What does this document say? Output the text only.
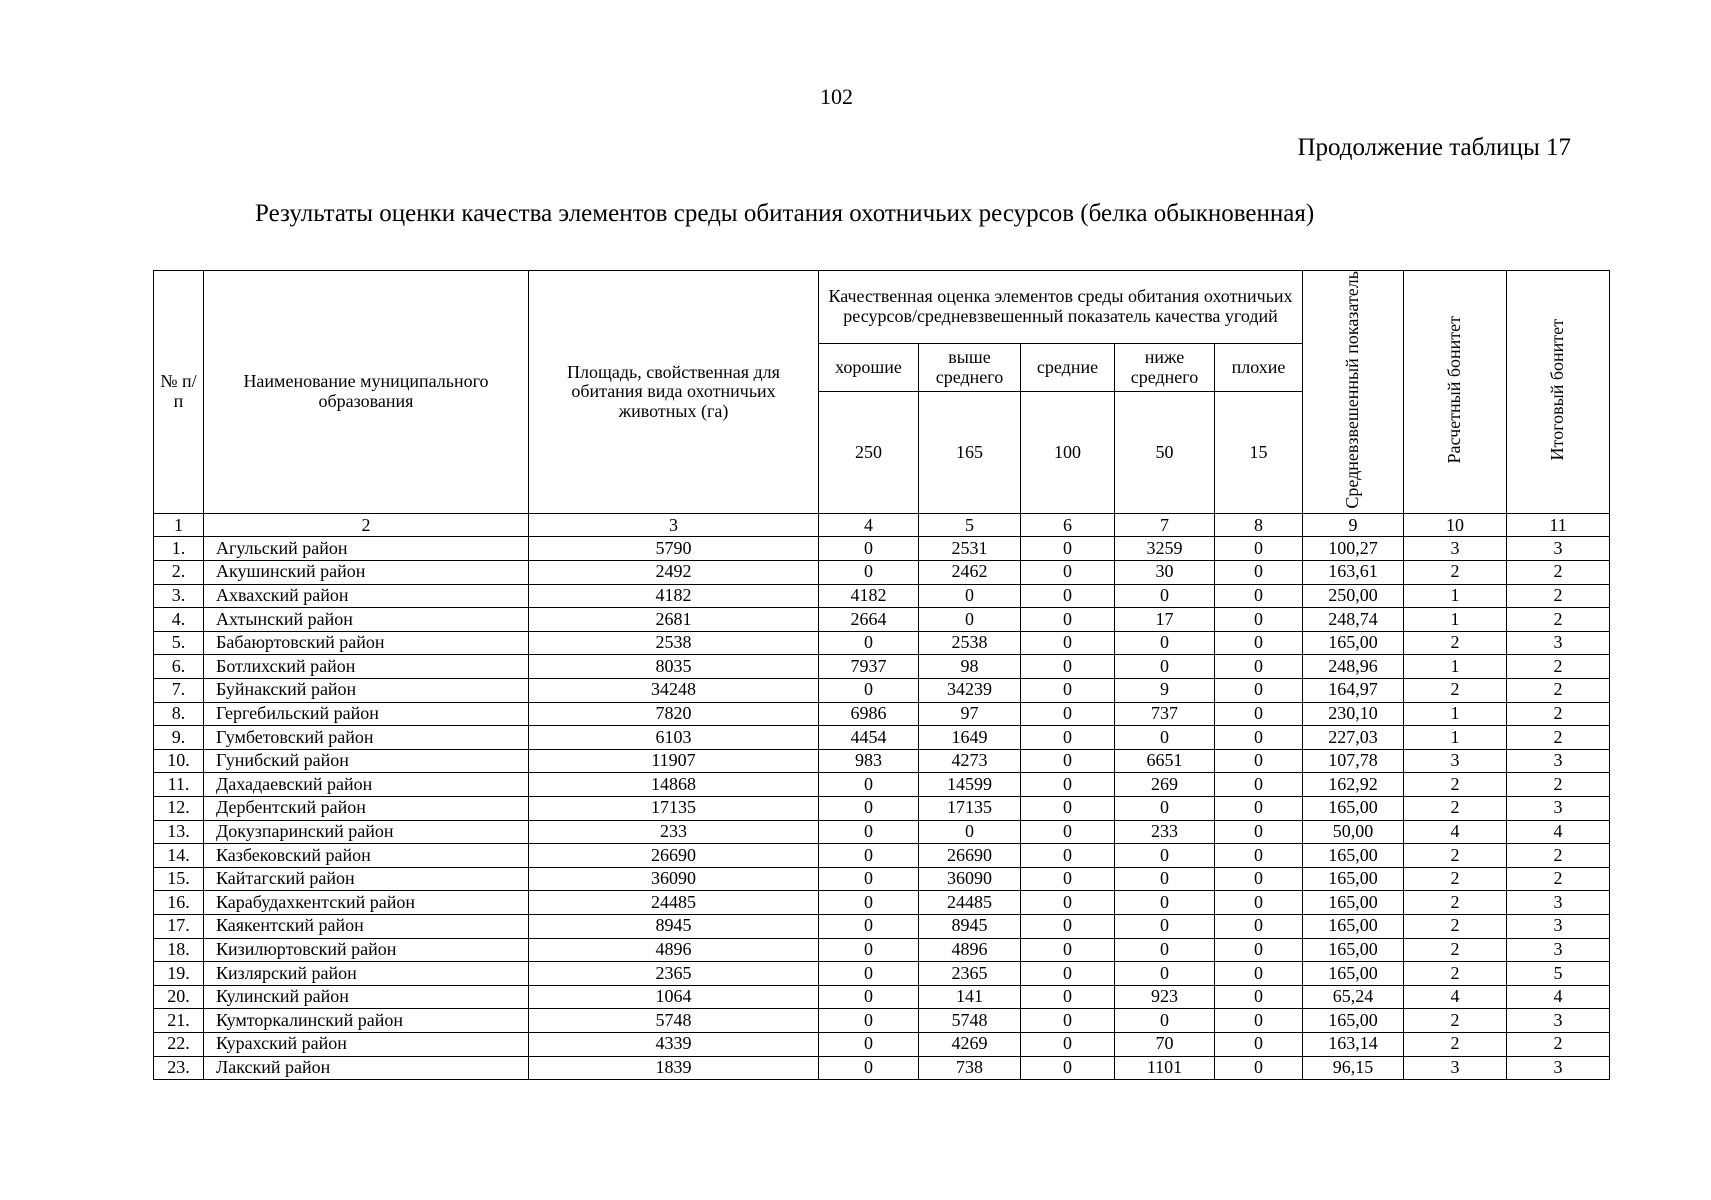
102
Продолжение таблицы 17
Результаты оценки качества элементов среды обитания охотничьих ресурсов (белка обыкновенная)
№ п/п	Наименование муниципального образования	Площадь, свойственная для обитания вида охотничьих животных (га)	Качественная оценка элементов среды обитания охотничьих ресурсов/средневзвешенный показатель качества угодий					Средневзвешенный показатель	Расчетный бонитет	Итоговый бонитет
			хорошие	выше среднего	средние	ниже среднего	плохие			
			250	165	100	50	15			
1	2	3	4	5	6	7	8	9	10	11
1.	Агульский район	5790	0	2531	0	3259	0	100,27	3	3
2.	Акушинский район	2492	0	2462	0	30	0	163,61	2	2
3.	Ахвахский район	4182	4182	0	0	0	0	250,00	1	2
4.	Ахтынский район	2681	2664	0	0	17	0	248,74	1	2
5.	Бабаюртовский район	2538	0	2538	0	0	0	165,00	2	3
6.	Ботлихский район	8035	7937	98	0	0	0	248,96	1	2
7.	Буйнакский район	34248	0	34239	0	9	0	164,97	2	2
8.	Гергебильский район	7820	6986	97	0	737	0	230,10	1	2
9.	Гумбетовский район	6103	4454	1649	0	0	0	227,03	1	2
10.	Гунибский район	11907	983	4273	0	6651	0	107,78	3	3
11.	Дахадаевский район	14868	0	14599	0	269	0	162,92	2	2
12.	Дербентский район	17135	0	17135	0	0	0	165,00	2	3
13.	Докузпаринский район	233	0	0	0	233	0	50,00	4	4
14.	Казбековский район	26690	0	26690	0	0	0	165,00	2	2
15.	Кайтагский район	36090	0	36090	0	0	0	165,00	2	2
16.	Карабудахкентский район	24485	0	24485	0	0	0	165,00	2	3
17.	Каякентский район	8945	0	8945	0	0	0	165,00	2	3
18.	Кизилюртовский район	4896	0	4896	0	0	0	165,00	2	3
19.	Кизлярский район	2365	0	2365	0	0	0	165,00	2	5
20.	Кулинский район	1064	0	141	0	923	0	65,24	4	4
21.	Кумторкалинский район	5748	0	5748	0	0	0	165,00	2	3
22.	Курахский район	4339	0	4269	0	70	0	163,14	2	2
23.	Лакский район	1839	0	738	0	1101	0	96,15	3	3
